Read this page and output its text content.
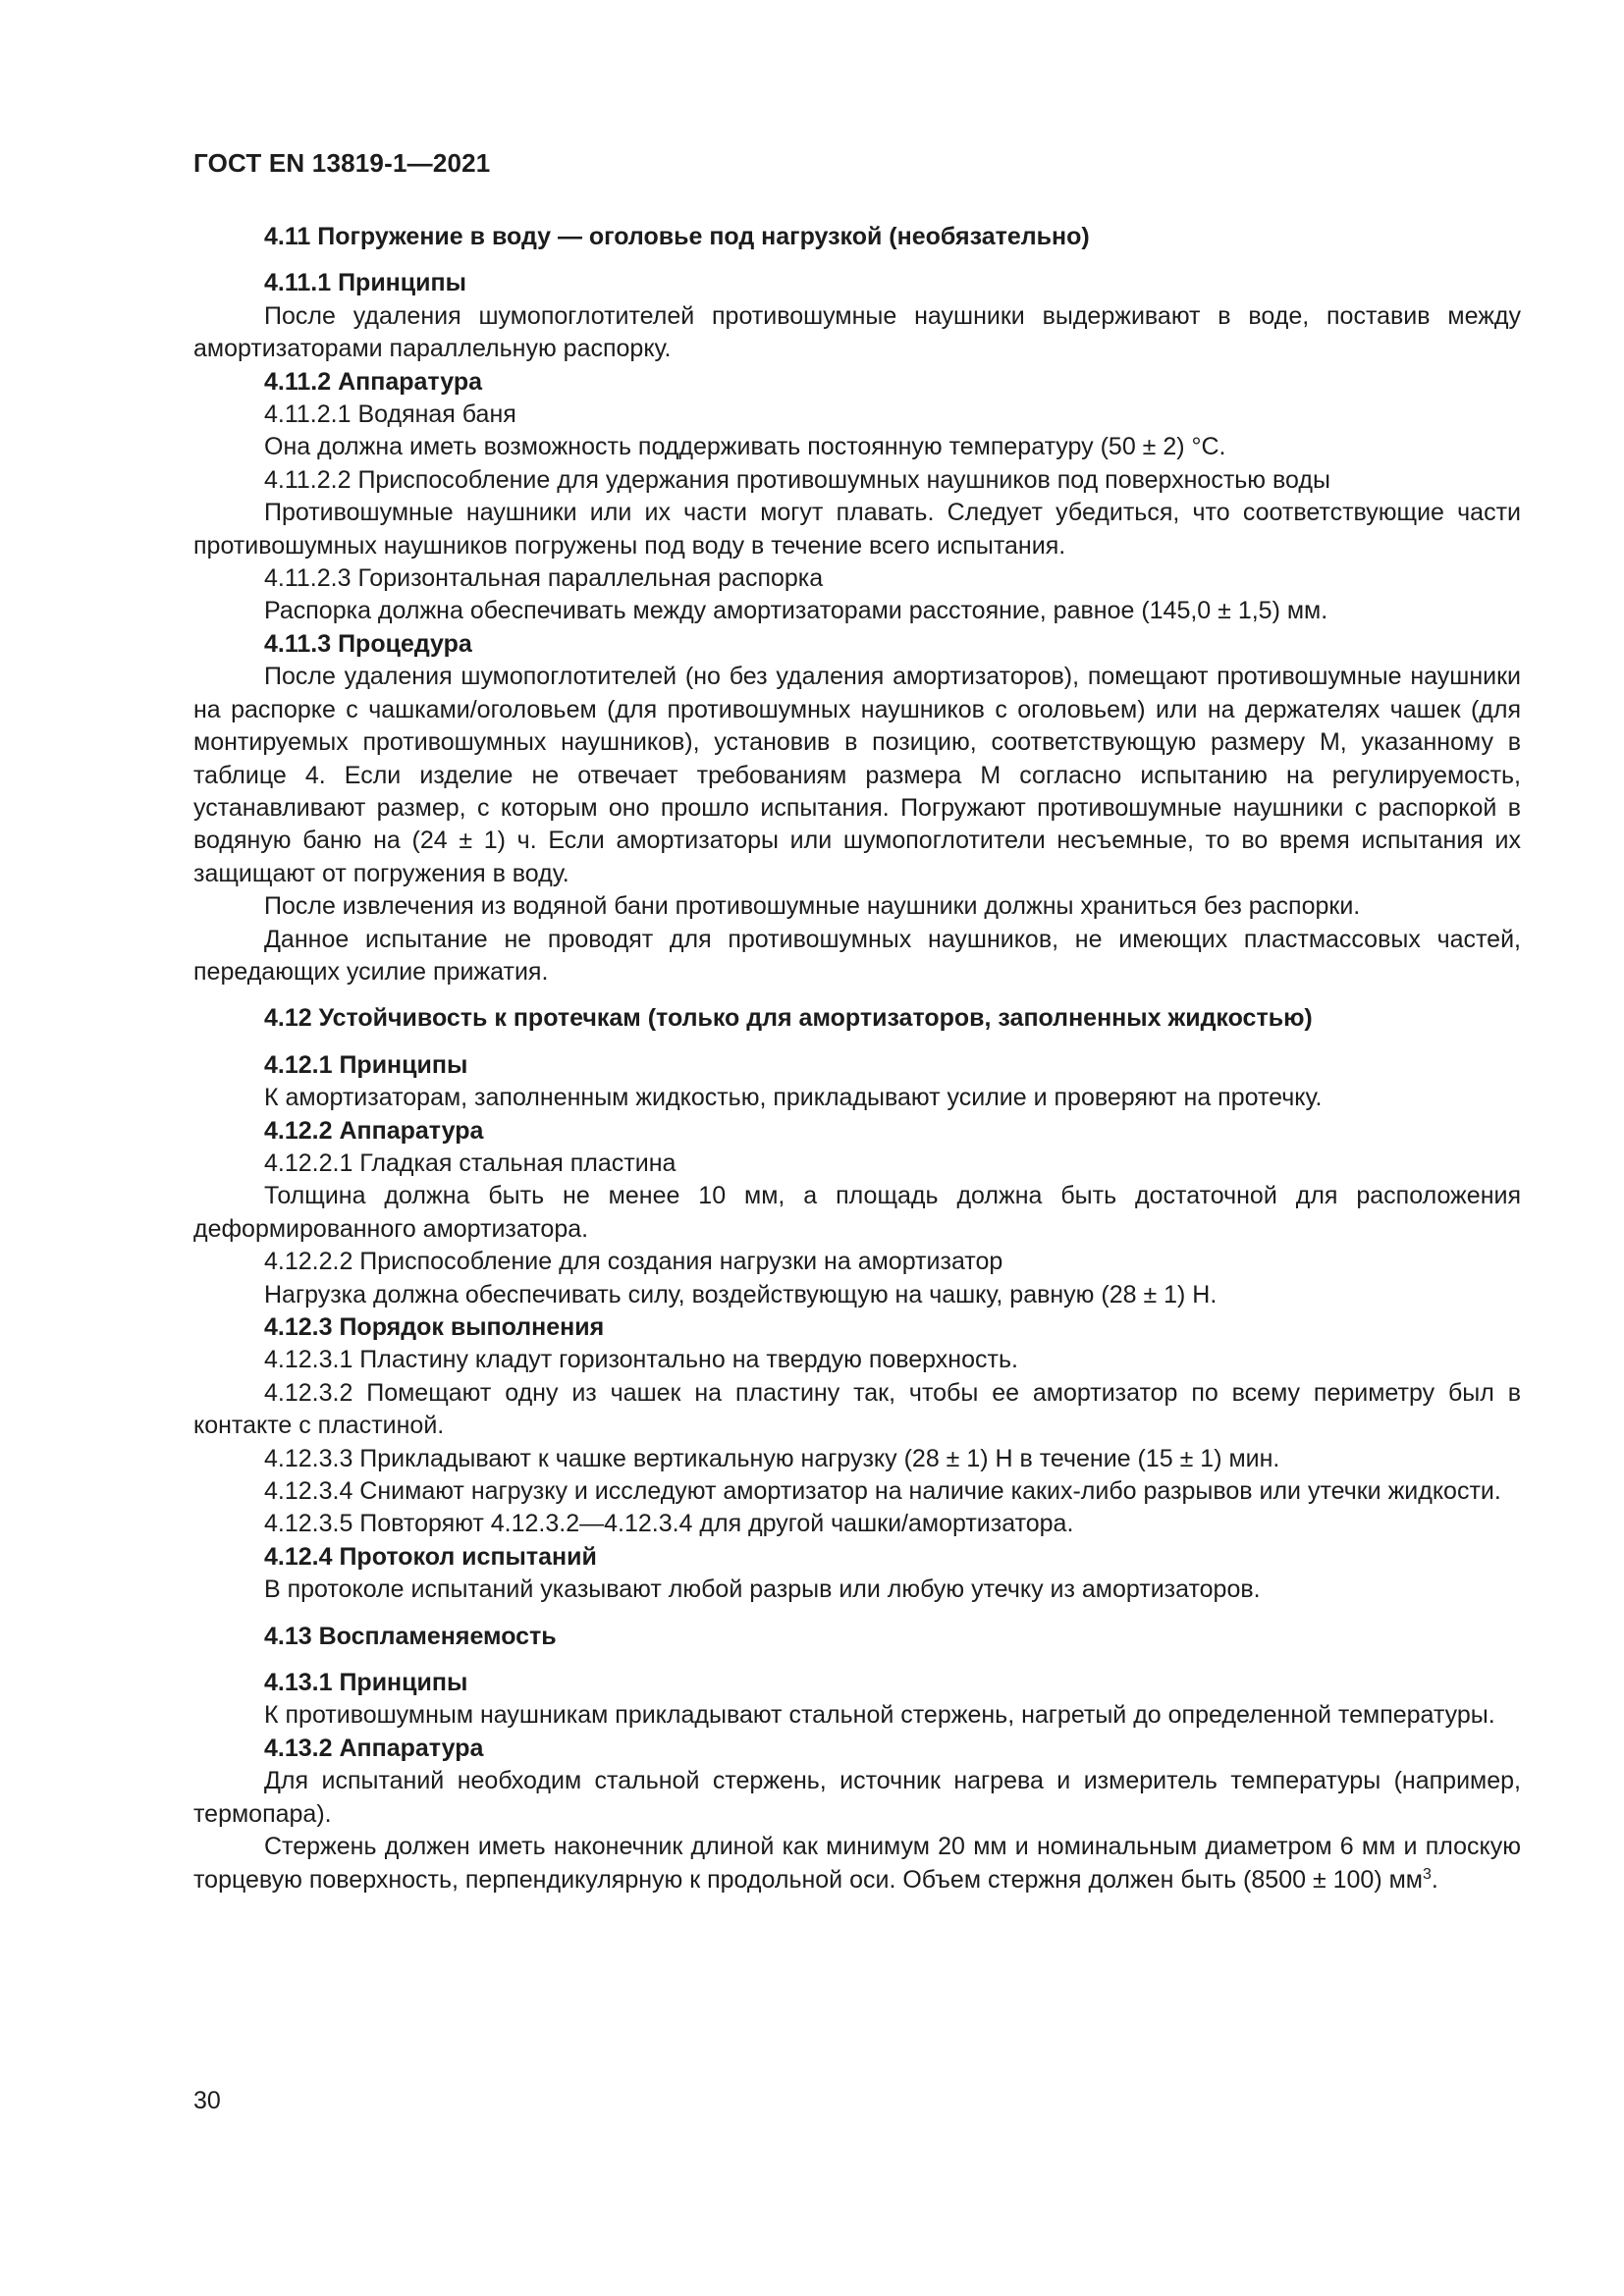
ГОСТ EN 13819-1—2021

4.11 Погружение в воду — оголовье под нагрузкой (необязательно)

4.11.1 Принципы

После удаления шумопоглотителей противошумные наушники выдерживают в воде, поставив между амортизаторами параллельную распорку.

4.11.2 Аппаратура

4.11.2.1 Водяная баня

Она должна иметь возможность поддерживать постоянную температуру (50 ± 2) °С.

4.11.2.2 Приспособление для удержания противошумных наушников под поверхностью воды

Противошумные наушники или их части могут плавать. Следует убедиться, что соответствующие части противошумных наушников погружены под воду в течение всего испытания.

4.11.2.3 Горизонтальная параллельная распорка

Распорка должна обеспечивать между амортизаторами расстояние, равное (145,0 ± 1,5) мм.

4.11.3 Процедура

После удаления шумопоглотителей (но без удаления амортизаторов), помещают противошумные наушники на распорке с чашками/оголовьем (для противошумных наушников с оголовьем) или на держателях чашек (для монтируемых противошумных наушников), установив в позицию, соответствующую размеру М, указанному в таблице 4. Если изделие не отвечает требованиям размера М согласно испытанию на регулируемость, устанавливают размер, с которым оно прошло испытания. Погружают противошумные наушники с распоркой в водяную баню на (24 ± 1) ч. Если амортизаторы или шумопоглотители несъемные, то во время испытания их защищают от погружения в воду.

После извлечения из водяной бани противошумные наушники должны храниться без распорки.

Данное испытание не проводят для противошумных наушников, не имеющих пластмассовых частей, передающих усилие прижатия.

4.12 Устойчивость к протечкам (только для амортизаторов, заполненных жидкостью)

4.12.1 Принципы

К амортизаторам, заполненным жидкостью, прикладывают усилие и проверяют на протечку.

4.12.2 Аппаратура

4.12.2.1 Гладкая стальная пластина

Толщина должна быть не менее 10 мм, а площадь должна быть достаточной для расположения деформированного амортизатора.

4.12.2.2 Приспособление для создания нагрузки на амортизатор

Нагрузка должна обеспечивать силу, воздействующую на чашку, равную (28 ± 1) Н.

4.12.3 Порядок выполнения

4.12.3.1 Пластину кладут горизонтально на твердую поверхность.

4.12.3.2 Помещают одну из чашек на пластину так, чтобы ее амортизатор по всему периметру был в контакте с пластиной.

4.12.3.3 Прикладывают к чашке вертикальную нагрузку (28 ± 1) Н в течение (15 ± 1) мин.

4.12.3.4 Снимают нагрузку и исследуют амортизатор на наличие каких-либо разрывов или утечки жидкости.

4.12.3.5 Повторяют 4.12.3.2—4.12.3.4 для другой чашки/амортизатора.

4.12.4 Протокол испытаний

В протоколе испытаний указывают любой разрыв или любую утечку из амортизаторов.

4.13 Воспламеняемость

4.13.1 Принципы

К противошумным наушникам прикладывают стальной стержень, нагретый до определенной температуры.

4.13.2 Аппаратура

Для испытаний необходим стальной стержень, источник нагрева и измеритель температуры (например, термопара).

Стержень должен иметь наконечник длиной как минимум 20 мм и номинальным диаметром 6 мм и плоскую торцевую поверхность, перпендикулярную к продольной оси. Объем стержня должен быть (8500 ± 100) $мм^3$.

30
